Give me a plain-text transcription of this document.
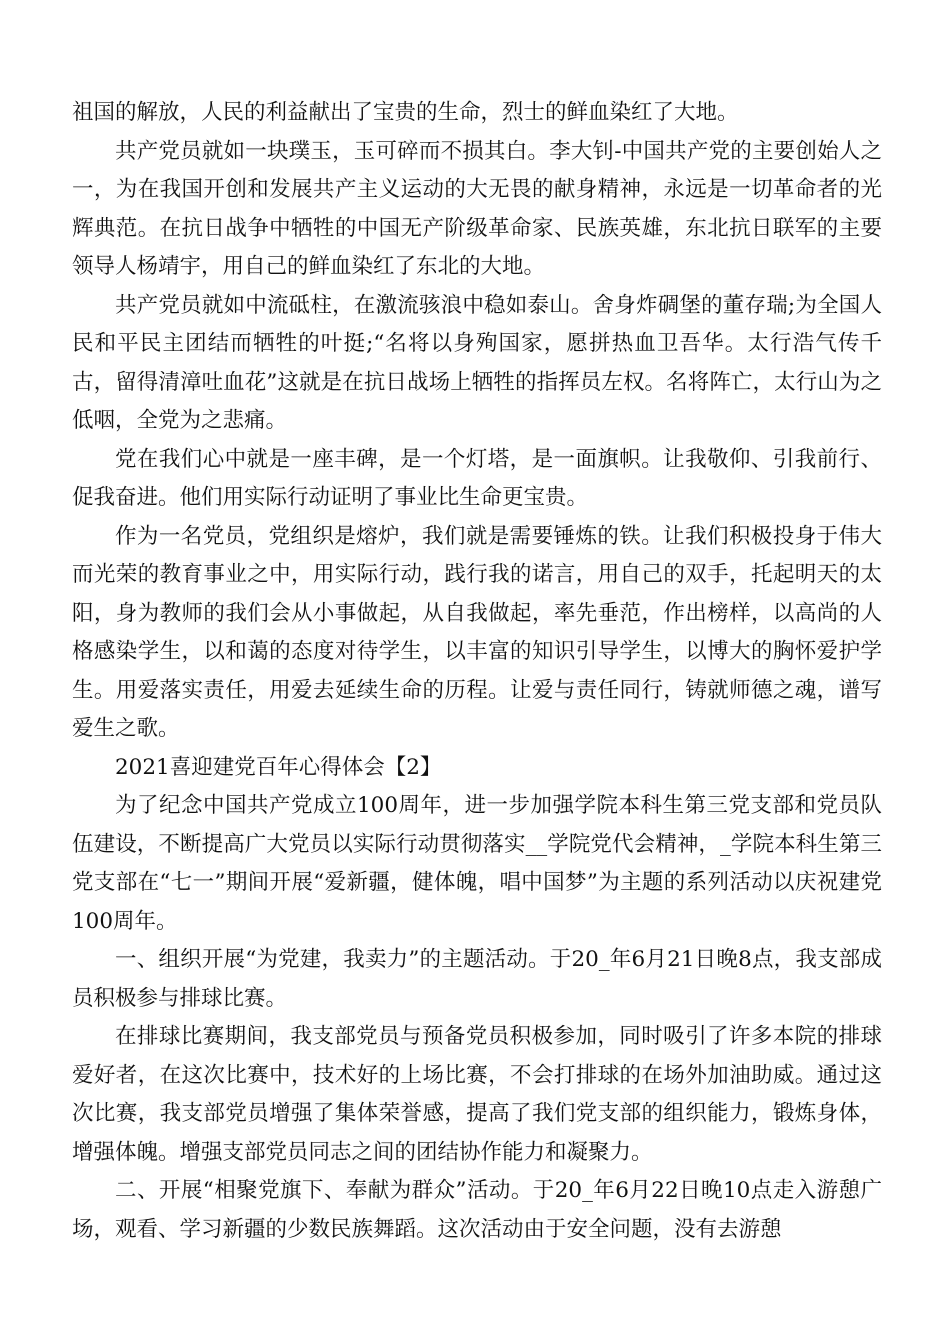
祖国的解放，人民的利益献出了宝贵的生命，烈士的鲜血染红了大地。

共产党员就如一块璞玉，玉可碎而不损其白。李大钊-中国共产党的主要创始人之一，为在我国开创和发展共产主义运动的大无畏的献身精神，永远是一切革命者的光辉典范。在抗日战争中牺牲的中国无产阶级革命家、民族英雄，东北抗日联军的主要领导人杨靖宇，用自己的鲜血染红了东北的大地。

共产党员就如中流砥柱，在激流骇浪中稳如泰山。舍身炸碉堡的董存瑞;为全国人民和平民主团结而牺牲的叶挺;“名将以身殉国家，愿拼热血卫吾华。太行浩气传千古，留得清漳吐血花”这就是在抗日战场上牺牲的指挥员左权。名将阵亡，太行山为之低咽，全党为之悲痛。

党在我们心中就是一座丰碑，是一个灯塔，是一面旗帜。让我敬仰、引我前行、促我奋进。他们用实际行动证明了事业比生命更宝贵。

作为一名党员，党组织是熔炉，我们就是需要锤炼的铁。让我们积极投身于伟大而光荣的教育事业之中，用实际行动，践行我的诺言，用自己的双手，托起明天的太阳，身为教师的我们会从小事做起，从自我做起，率先垂范，作出榜样，以高尚的人格感染学生，以和蔼的态度对待学生，以丰富的知识引导学生，以博大的胸怀爱护学生。用爱落实责任，用爱去延续生命的历程。让爱与责任同行，铸就师德之魂，谱写爱生之歌。

2021喜迎建党百年心得体会【2】

为了纪念中国共产党成立100周年，进一步加强学院本科生第三党支部和党员队伍建设，不断提高广大党员以实际行动贯彻落实__学院党代会精神，_学院本科生第三党支部在“七一”期间开展“爱新疆，健体魄，唱中国梦”为主题的系列活动以庆祝建党100周年。

一、组织开展“为党建，我卖力”的主题活动。于20_年6月21日晚8点，我支部成员积极参与排球比赛。

在排球比赛期间，我支部党员与预备党员积极参加，同时吸引了许多本院的排球爱好者，在这次比赛中，技术好的上场比赛，不会打排球的在场外加油助威。通过这次比赛，我支部党员增强了集体荣誉感，提高了我们党支部的组织能力，锻炼身体，增强体魄。增强支部党员同志之间的团结协作能力和凝聚力。

二、开展“相聚党旗下、奉献为群众”活动。于20_年6月22日晚10点走入游憩广场，观看、学习新疆的少数民族舞蹈。这次活动由于安全问题，没有去游憩
